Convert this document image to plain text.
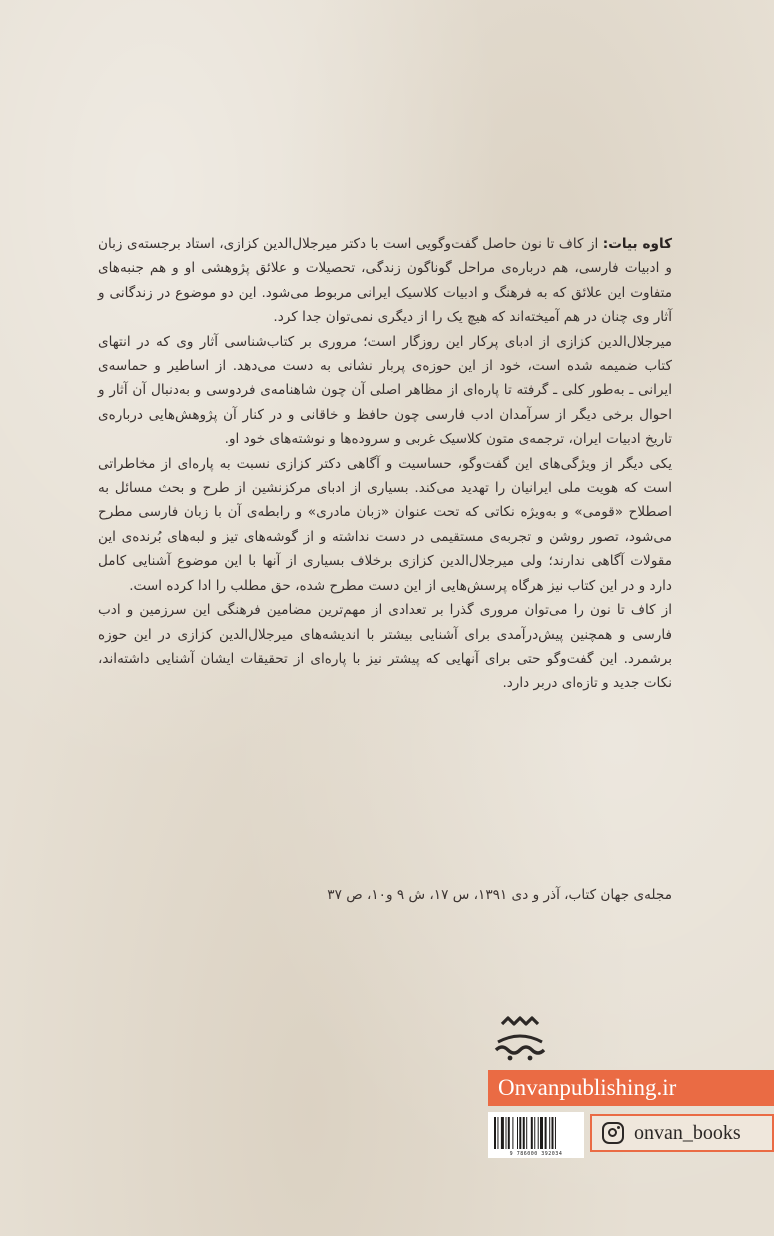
کاوه بیات: از کاف تا نون حاصل گفت‌وگویی است با دکتر میرجلال‌الدین کزازی، استاد برجسته‌ی زبان و ادبیات فارسی، هم درباره‌ی مراحل گوناگون زندگی، تحصیلات و علائق پژوهشی او و هم جنبه‌های متفاوت این علائق که به فرهنگ و ادبیات کلاسیک ایرانی مربوط می‌شود. این دو موضوع در زندگانی و آثار وی چنان در هم آمیخته‌اند که هیچ یک را از دیگری نمی‌توان جدا کرد.

میرجلال‌الدین کزازی از ادبای پرکار این روزگار است؛ مروری بر کتاب‌شناسی آثار وی که در انتهای کتاب ضمیمه شده است، خود از این حوزه‌ی پربار نشانی به دست می‌دهد. از اساطیر و حماسه‌ی ایرانی ـ به‌طور کلی ـ گرفته تا پاره‌ای از مظاهر اصلی آن چون شاهنامه‌ی فردوسی و به‌دنبال آن آثار و احوال برخی دیگر از سرآمدان ادب فارسی چون حافظ و خاقانی و در کنار آن پژوهش‌هایی درباره‌ی تاریخ ادبیات ایران، ترجمه‌ی متون کلاسیک غربی و سروده‌ها و نوشته‌های خود او.

یکی دیگر از ویژگی‌های این گفت‌وگو، حساسیت و آگاهی دکتر کزازی نسبت به پاره‌ای از مخاطراتی است که هویت ملی ایرانیان را تهدید می‌کند. بسیاری از ادبای مرکزنشین از طرح و بحث مسائل به اصطلاح «قومی» و به‌ویژه نکاتی که تحت عنوان «زبان مادری» و رابطه‌ی آن با زبان فارسی مطرح می‌شود، تصور روشن و تجربه‌ی مستقیمی در دست نداشته و از گوشه‌های تیز و لبه‌های بُرنده‌ی این مقولات آگاهی ندارند؛ ولی میرجلال‌الدین کزازی برخلاف بسیاری از آنها با این موضوع آشنایی کامل دارد و در این کتاب نیز هرگاه پرسش‌هایی از این دست مطرح شده، حق مطلب را ادا کرده است.

از کاف تا نون را می‌توان مروری گذرا بر تعدادی از مهم‌ترین مضامین فرهنگی این سرزمین و ادب فارسی و همچنین پیش‌درآمدی برای آشنایی بیشتر با اندیشه‌های میرجلال‌الدین کزازی در این حوزه برشمرد. این گفت‌وگو حتی برای آنهایی که پیشتر نیز با پاره‌ای از تحقیقات ایشان آشنایی داشته‌اند، نکات جدید و تازه‌ای دربر دارد.

مجله‌ی جهان کتاب، آذر و دی ۱۳۹۱، س ۱۷، ش ۹ و۱۰، ص ۳۷
Onvanpublishing.ir
onvan_books
9 786000 392034
